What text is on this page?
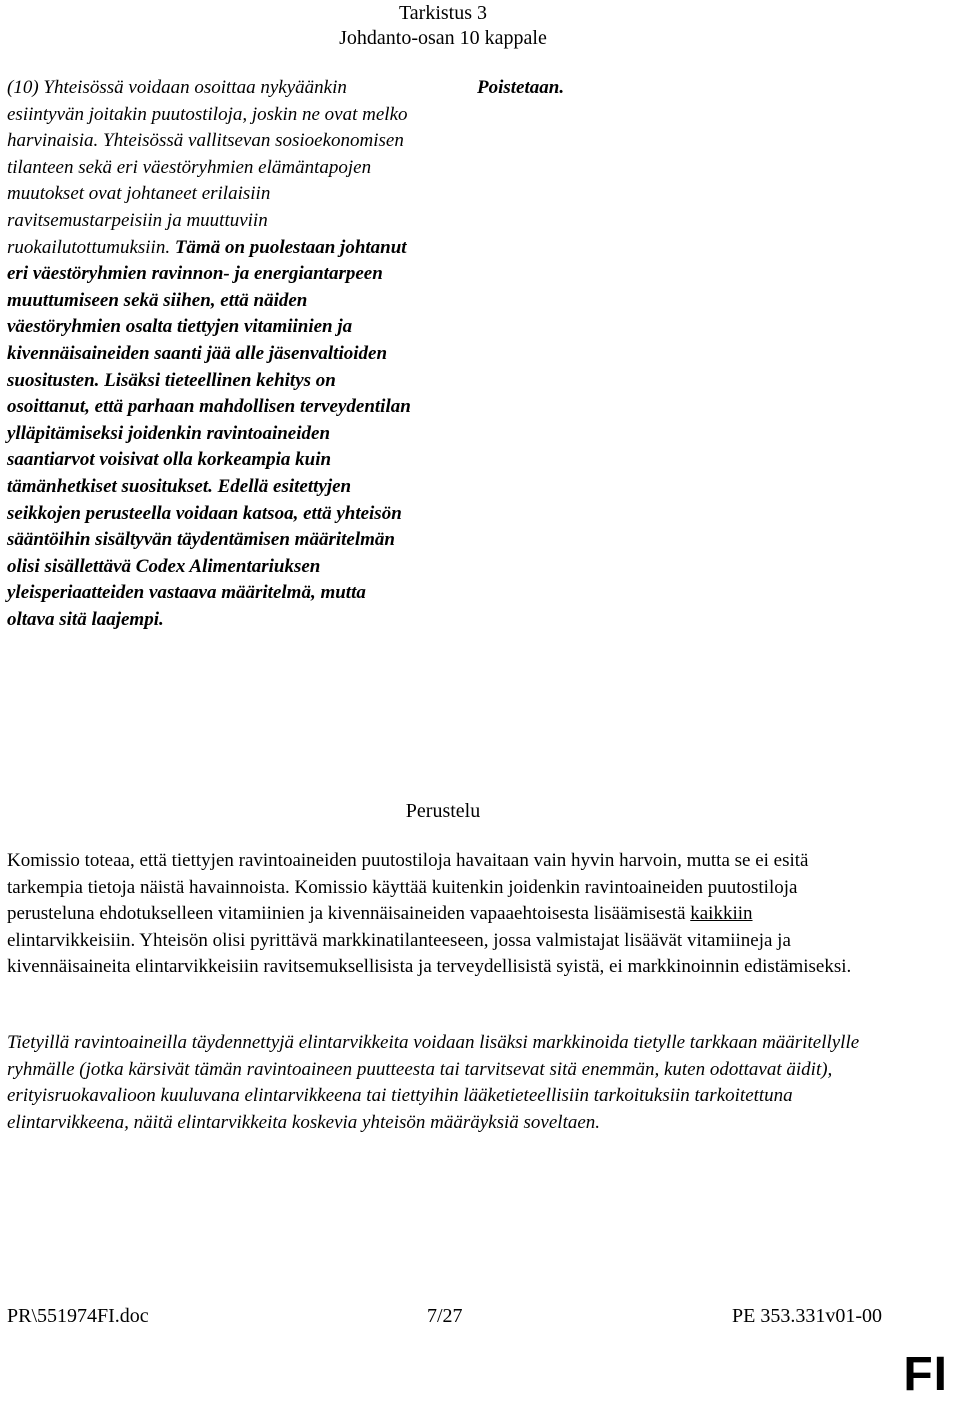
Tarkistus 3
Johdanto-osan 10 kappale
(10) Yhteisössä voidaan osoittaa nykyäänkin esiintyvän joitakin puutostiloja, joskin ne ovat melko harvinaisia. Yhteisössä vallitsevan sosioekonomisen tilanteen sekä eri väestöryhmien elämäntapojen muutokset ovat johtaneet erilaisiin ravitsemustarpeisiin ja muuttuviin ruokailutottumuksiin. Tämä on puolestaan johtanut eri väestöryhmien ravinnon- ja energiantarpeen muuttumiseen sekä siihen, että näiden väestöryhmien osalta tiettyjen vitamiinien ja kivennäisaineiden saanti jää alle jäsenvaltioiden suositusten. Lisäksi tieteellinen kehitys on osoittanut, että parhaan mahdollisen terveydentilan ylläpitämiseksi joidenkin ravintoaineiden saantiarvot voisivat olla korkeampia kuin tämänhetkiset suositukset. Edellä esitettyjen seikkojen perusteella voidaan katsoa, että yhteisön sääntöihin sisältyvän täydentämisen määritelmän olisi sisällettävä Codex Alimentariuksen yleisperiaatteiden vastaava määritelmä, mutta oltava sitä laajempi.
Poistetaan.
Perustelu
Komissio toteaa, että tiettyjen ravintoaineiden puutostiloja havaitaan vain hyvin harvoin, mutta se ei esitä tarkempia tietoja näistä havainnoista. Komissio käyttää kuitenkin joidenkin ravintoaineiden puutostiloja perusteluna ehdotukselleen vitamiinien ja kivennäisaineiden vapaaehtoisesta lisäämisestä kaikkiin elintarvikkeisiin. Yhteisön olisi pyrittävä markkinatilanteeseen, jossa valmistajat lisäävät vitamiineja ja kivennäisaineita elintarvikkeisiin ravitsemuksellisista ja terveydellisistä syistä, ei markkinoinnin edistämiseksi.
Tietyillä ravintoaineilla täydennettyjä elintarvikkeita voidaan lisäksi markkinoida tietylle tarkkaan määritellylle ryhmälle (jotka kärsivät tämän ravintoaineen puutteesta tai tarvitsevat sitä enemmän, kuten odottavat äidit), erityisruokavalioon kuuluvana elintarvikkeena tai tiettyihin lääketieteellisiin tarkoituksiin tarkoitettuna elintarvikkeena, näitä elintarvikkeita koskevia yhteisön määräyksiä soveltaen.
PR\551974FI.doc	7/27	PE 353.331v01-00
FI
